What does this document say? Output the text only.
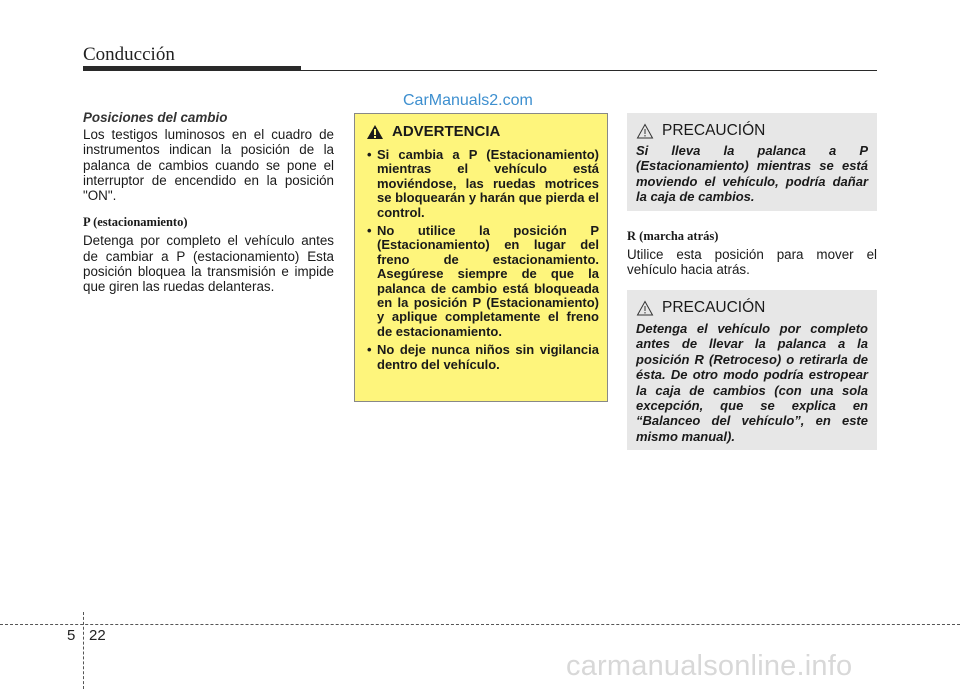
Conducción
CarManuals2.com
Posiciones del cambio

Los testigos luminosos en el cuadro de instrumentos indican la posición de la palanca de cambios cuando se pone el interruptor de encendido en la posición "ON".

P (estacionamiento)

Detenga por completo el vehículo antes de cambiar a P (estacionamiento) Esta posición bloquea la transmisión e impide que giren las ruedas delanteras.

ADVERTENCIA
• Si cambia a P (Estacionamiento) mientras el vehículo está moviéndose, las ruedas motrices se bloquearán y harán que pierda el control.
• No utilice la posición P (Estacionamiento) en lugar del freno de estacionamiento. Asegúrese siempre de que la palanca de cambio está bloqueada en la posición P (Estacionamiento) y aplique completamente el freno de estacionamiento.
• No deje nunca niños sin vigilancia dentro del vehículo.
PRECAUCIÓN
Si lleva la palanca a P (Estacionamiento) mientras se está moviendo el vehículo, podría dañar la caja de cambios.
R (marcha atrás)

Utilice esta posición para mover el vehículo hacia atrás.

PRECAUCIÓN
Detenga el vehículo por completo antes de llevar la palanca a la posición R (Retroceso) o retirarla de ésta. De otro modo podría estropear la caja de cambios (con una sola excepción, que se explica en “Balanceo del vehículo”, en este mismo manual).
5 22
carmanualsonline.info
